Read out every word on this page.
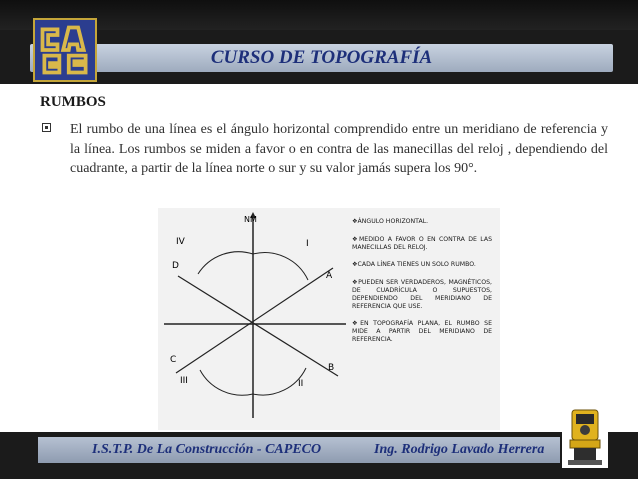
CURSO DE TOPOGRAFÍA
RUMBOS

El rumbo de una línea es el ángulo horizontal comprendido entre un meridiano de referencia y la línea. Los rumbos se miden a favor o en contra de las manecillas del reloj , dependiendo del cuadrante, a partir de la línea norte o sur y su valor jamás supera los 90°.

NM
I
II
III
IV
A
B
C
D
❖ÁNGULO HORIZONTAL.
❖MEDIDO A FAVOR O EN CONTRA DE LAS MANECILLAS DEL RELOJ.
❖CADA LÍNEA TIENES UN SOLO RUMBO.
❖PUEDEN SER VERDADEROS, MAGNÉTICOS, DE CUADRÍCULA O SUPUESTOS, DEPENDIENDO DEL MERIDIANO DE REFERENCIA QUE USE.
❖EN TOPOGRAFÍA PLANA, EL RUMBO SE MIDE A PARTIR DEL MERIDIANO DE REFERENCIA.
I.S.T.P. De La Construcción - CAPECO	Ing. Rodrigo Lavado Herrera
